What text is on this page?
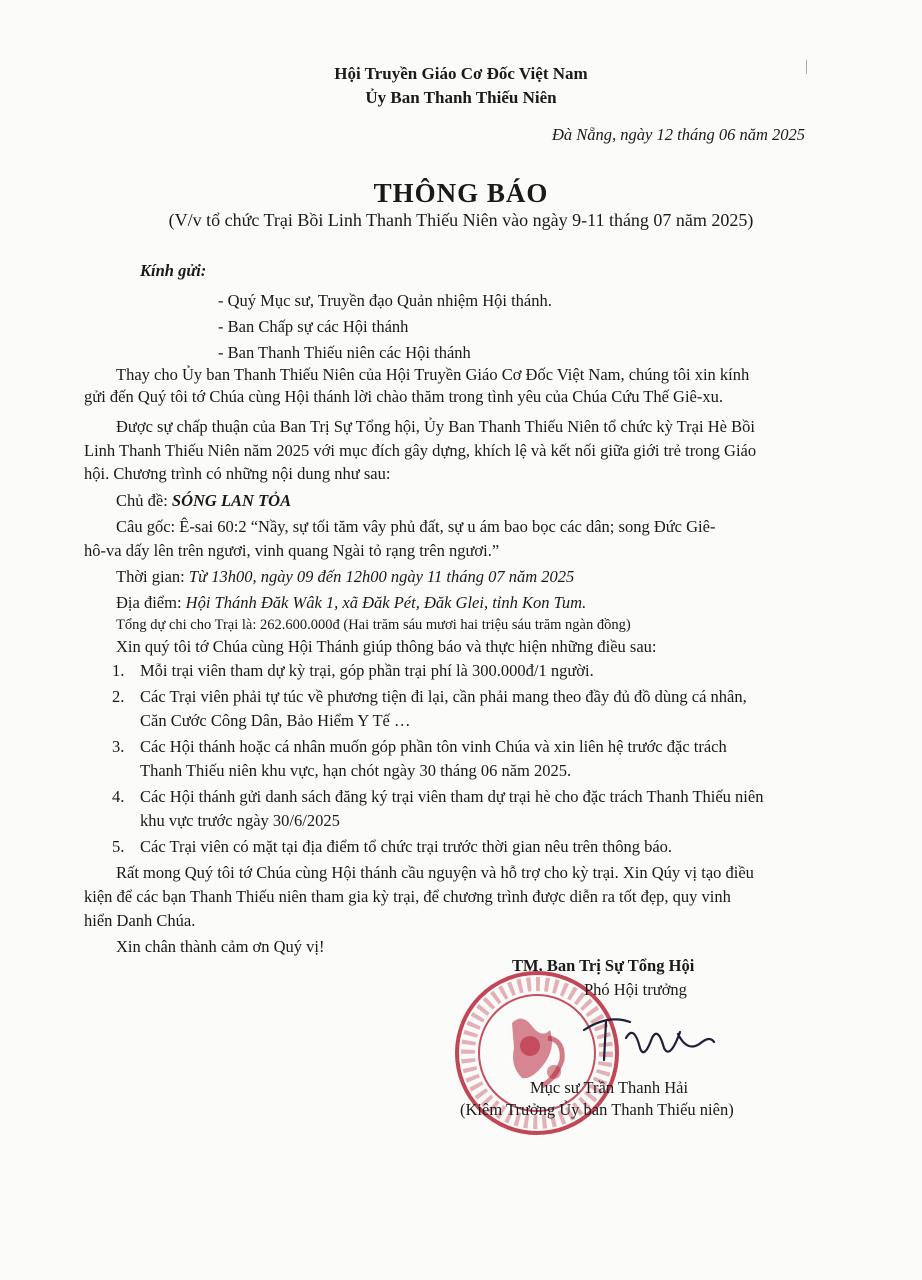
Hội Truyền Giáo Cơ Đốc Việt Nam
Ủy Ban Thanh Thiếu Niên
Đà Nẵng, ngày 12 tháng 06 năm 2025
THÔNG BÁO
(V/v tổ chức Trại Bồi Linh Thanh Thiếu Niên vào ngày 9-11 tháng 07 năm 2025)
Kính gửi:
- Quý Mục sư, Truyền đạo Quản nhiệm Hội thánh.
- Ban Chấp sự các Hội thánh
- Ban Thanh Thiếu niên các Hội thánh
Thay cho Ủy ban Thanh Thiếu Niên của Hội Truyền Giáo Cơ Đốc Việt Nam, chúng tôi xin kính
gửi đến Quý tôi tớ Chúa cùng Hội thánh lời chào thăm trong tình yêu của Chúa Cứu Thế Giê-xu.
Được sự chấp thuận của Ban Trị Sự Tổng hội, Ủy Ban Thanh Thiếu Niên tổ chức kỳ Trại Hè Bồi
Linh Thanh Thiếu Niên năm 2025 với mục đích gây dựng, khích lệ và kết nối giữa giới trẻ trong Giáo
hội. Chương trình có những nội dung như sau:
Chủ đề: SÓNG LAN TỎA
Câu gốc: Ê-sai 60:2 “Nầy, sự tối tăm vây phủ đất, sự u ám bao bọc các dân; song Đức Giê-
hô-va dấy lên trên ngươi, vinh quang Ngài tỏ rạng trên ngươi.”
Thời gian: Từ 13h00, ngày 09 đến 12h00 ngày 11 tháng 07 năm 2025
Địa điểm: Hội Thánh Đăk Wâk 1, xã Đăk Pét, Đăk Glei, tỉnh Kon Tum.
Tổng dự chi cho Trại là: 262.600.000đ (Hai trăm sáu mươi hai triệu sáu trăm ngàn đồng)
Xin quý tôi tớ Chúa cùng Hội Thánh giúp thông báo và thực hiện những điều sau:
1. Mỗi trại viên tham dự kỳ trại, góp phần trại phí là 300.000đ/1 người.
2. Các Trại viên phải tự túc về phương tiện đi lại, cần phải mang theo đầy đủ đồ dùng cá nhân,
Căn Cước Công Dân, Bảo Hiểm Y Tế …
3. Các Hội thánh hoặc cá nhân muốn góp phần tôn vinh Chúa và xin liên hệ trước đặc trách
Thanh Thiếu niên khu vực, hạn chót ngày 30 tháng 06 năm 2025.
4. Các Hội thánh gửi danh sách đăng ký trại viên tham dự trại hè cho đặc trách Thanh Thiếu niên
khu vực trước ngày 30/6/2025
5. Các Trại viên có mặt tại địa điểm tổ chức trại trước thời gian nêu trên thông báo.
Rất mong Quý tôi tớ Chúa cùng Hội thánh cầu nguyện và hỗ trợ cho kỳ trại. Xin Qúy vị tạo điều
kiện để các bạn Thanh Thiếu niên tham gia kỳ trại, để chương trình được diễn ra tốt đẹp, quy vinh
hiển Danh Chúa.
Xin chân thành cảm ơn Quý vị!
TM. Ban Trị Sự Tổng Hội
Phó Hội trưởng
Mục sư Trần Thanh Hải
(Kiêm Trưởng Ủy ban Thanh Thiếu niên)
